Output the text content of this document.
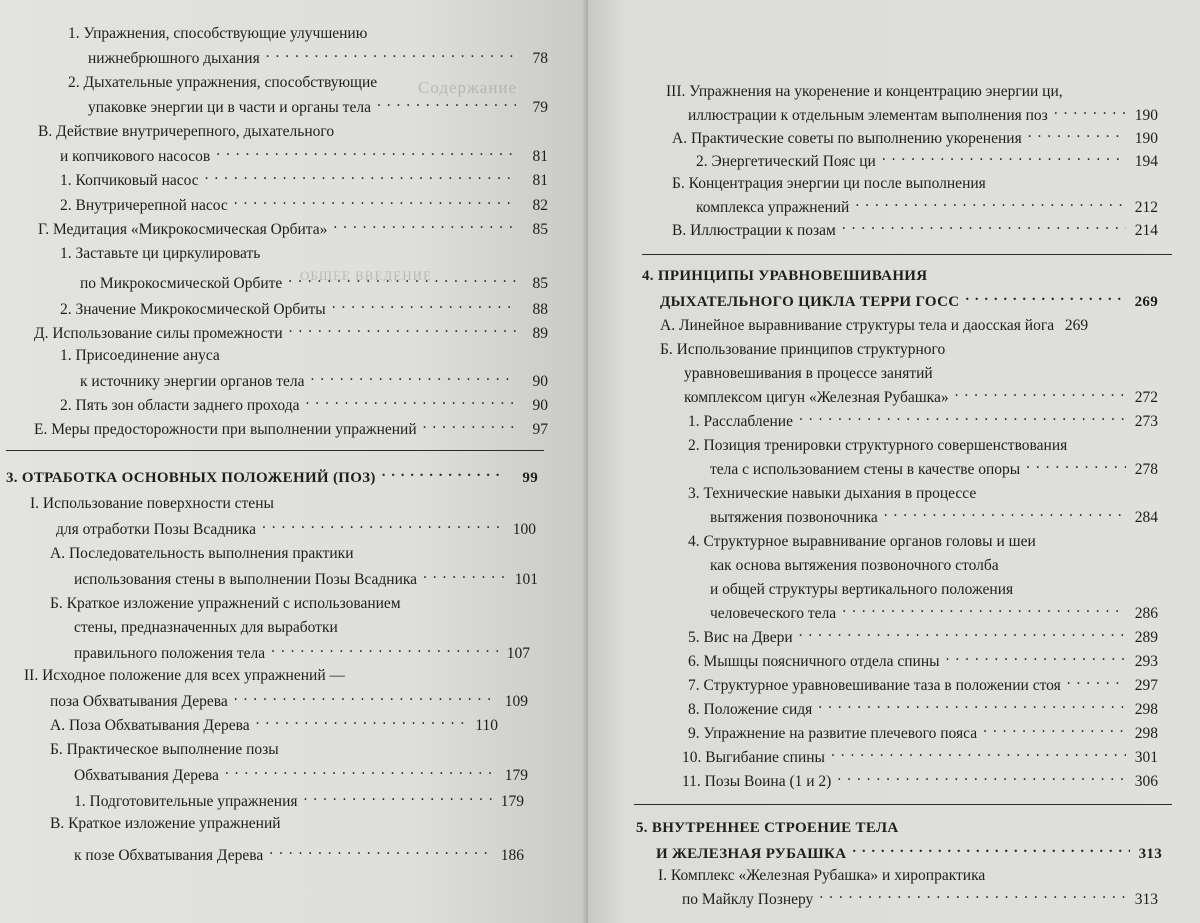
Содержание
ОБЩЕЕ ВВЕДЕНИЕ
1. Упражнения, способствующие улучшению
нижнебрюшного дыхания . . .	78
2. Дыхательные упражнения, способствующие
упаковке энергии ци в части и органы тела . . .	79
В. Действие внутричерепного, дыхательного
и копчикового насосов . . .	81
1. Копчиковый насос . . .	81
2. Внутричерепной насос . . .	82
Г. Медитация «Микрокосмическая Орбита» . . .	85
1. Заставьте ци циркулировать
по Микрокосмической Орбите . . .	85
2. Значение Микрокосмической Орбиты . . .	88
Д. Использование силы промежности . . .	89
1. Присоединение ануса
к источнику энергии органов тела . . .	90
2. Пять зон области заднего прохода . . .	90
Е. Меры предосторожности при выполнении упражнений . . .	97
3. ОТРАБОТКА ОСНОВНЫХ ПОЛОЖЕНИЙ (ПОЗ) . . .	99
I. Использование поверхности стены
для отработки Позы Всадника . . .	100
А. Последовательность выполнения практики
использования стены в выполнении Позы Всадника . . .	101
Б. Краткое изложение упражнений с использованием
стены, предназначенных для выработки
правильного положения тела . . .	107
II. Исходное положение для всех упражнений —
поза Обхватывания Дерева . . .	109
А. Поза Обхватывания Дерева . . .	110
Б. Практическое выполнение позы
Обхватывания Дерева . . .	179
1. Подготовительные упражнения . . .	179
В. Краткое изложение упражнений
к позе Обхватывания Дерева . . .	186
III. Упражнения на укоренение и концентрацию энергии ци,
иллюстрации к отдельным элементам выполнения поз . . .	190
А. Практические советы по выполнению укоренения . . .	190
2. Энергетический Пояс ци . . .	194
Б. Концентрация энергии ци после выполнения
комплекса упражнений . . .	212
В. Иллюстрации к позам . . .	214
4. ПРИНЦИПЫ УРАВНОВЕШИВАНИЯ
ДЫХАТЕЛЬНОГО ЦИКЛА ТЕРРИ ГОСС . . .	269
А. Линейное выравнивание структуры тела и даосская йога 269
Б. Использование принципов структурного
уравновешивания в процессе занятий
комплексом цигун «Железная Рубашка» . . .	272
1. Расслабление . . .	273
2. Позиция тренировки структурного совершенствования
тела с использованием стены в качестве опоры . . .	278
3. Технические навыки дыхания в процессе
вытяжения позвоночника . . .	284
4. Структурное выравнивание органов головы и шеи
как основа вытяжения позвоночного столба
и общей структуры вертикального положения
человеческого тела . . .	286
5. Вис на Двери . . .	289
6. Мышцы поясничного отдела спины . . .	293
7. Структурное уравновешивание таза в положении стоя . . .	297
8. Положение сидя . . .	298
9. Упражнение на развитие плечевого пояса . . .	298
10. Выгибание спины . . .	301
11. Позы Воина (1 и 2) . . .	306
5. ВНУТРЕННЕЕ СТРОЕНИЕ ТЕЛА
И ЖЕЛЕЗНАЯ РУБАШКА . . .	313
I. Комплекс «Железная Рубашка» и хиропрактика
по Майклу Познеру . . .	313
